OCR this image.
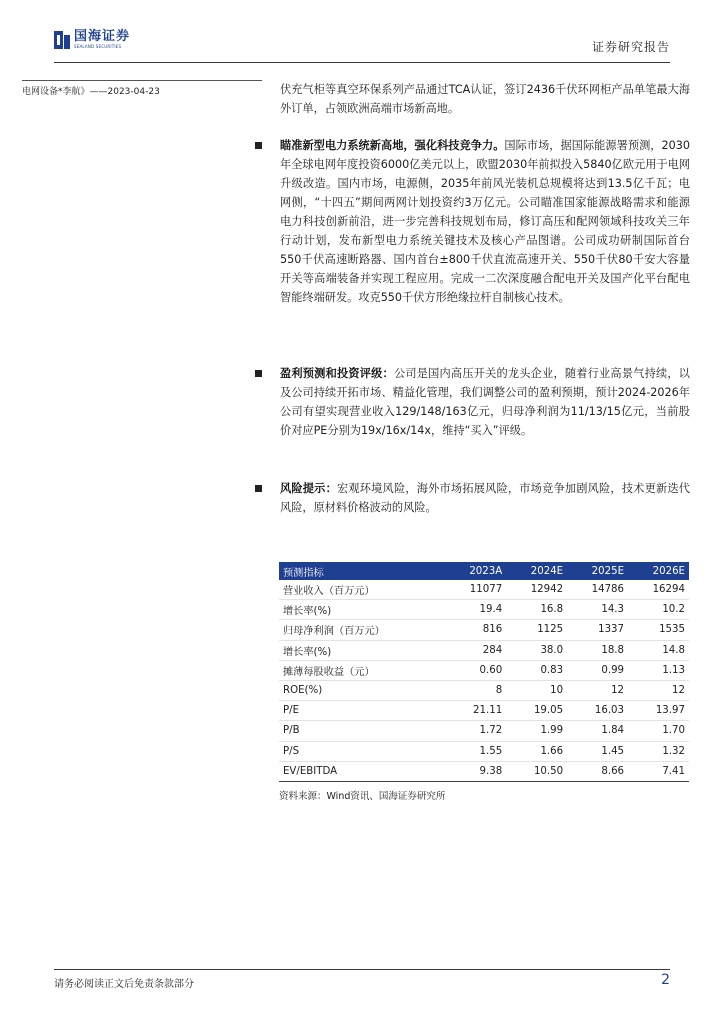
国海证券
SEALAND SECURITIES	证券研究报告
电网设备*李航》——2023-04-23	伏充气柜等真空环保系列产品通过TCA认证，签订2436千伏环网柜产品单笔最大海外订单，占领欧洲高端市场新高地。

瞄准新型电力系统新高地，强化科技竞争力。国际市场，据国际能源署预测，2030年全球电网年度投资6000亿美元以上，欧盟2030年前拟投入5840亿欧元用于电网升级改造。国内市场，电源侧，2035年前风光装机总规模将达到13.5亿千瓦；电网侧，“十四五”期间两网计划投资约3万亿元。公司瞄准国家能源战略需求和能源电力科技创新前沿，进一步完善科技规划布局，修订高压和配网领域科技攻关三年行动计划，发布新型电力系统关键技术及核心产品图谱。公司成功研制国际首台550千伏高速断路器、国内首台±800千伏直流高速开关、550千伏80千安大容量开关等高端装备并实现工程应用。完成一二次深度融合配电开关及国产化平台配电智能终端研发。攻克550千伏方形绝缘拉杆自制核心技术。

盈利预测和投资评级：公司是国内高压开关的龙头企业，随着行业高景气持续，以及公司持续开拓市场、精益化管理，我们调整公司的盈利预期，预计2024-2026年公司有望实现营业收入129/148/163亿元，归母净利润为11/13/15亿元，当前股价对应PE分别为19x/16x/14x，维持“买入”评级。

风险提示：宏观环境风险，海外市场拓展风险，市场竞争加剧风险，技术更新迭代风险，原材料价格波动的风险。

预测指标	2023A	2024E	2025E	2026E
营业收入（百万元）	11077	12942	14786	16294
增长率(%)	19.4	16.8	14.3	10.2
归母净利润（百万元）	816	1125	1337	1535
增长率(%)	284	38.0	18.8	14.8
摊薄每股收益（元）	0.60	0.83	0.99	1.13
ROE(%)	8	10	12	12
P/E	21.11	19.05	16.03	13.97
P/B	1.72	1.99	1.84	1.70
P/S	1.55	1.66	1.45	1.32
EV/EBITDA	9.38	10.50	8.66	7.41
资料来源：Wind资讯、国海证券研究所
请务必阅读正文后免责条款部分	2
